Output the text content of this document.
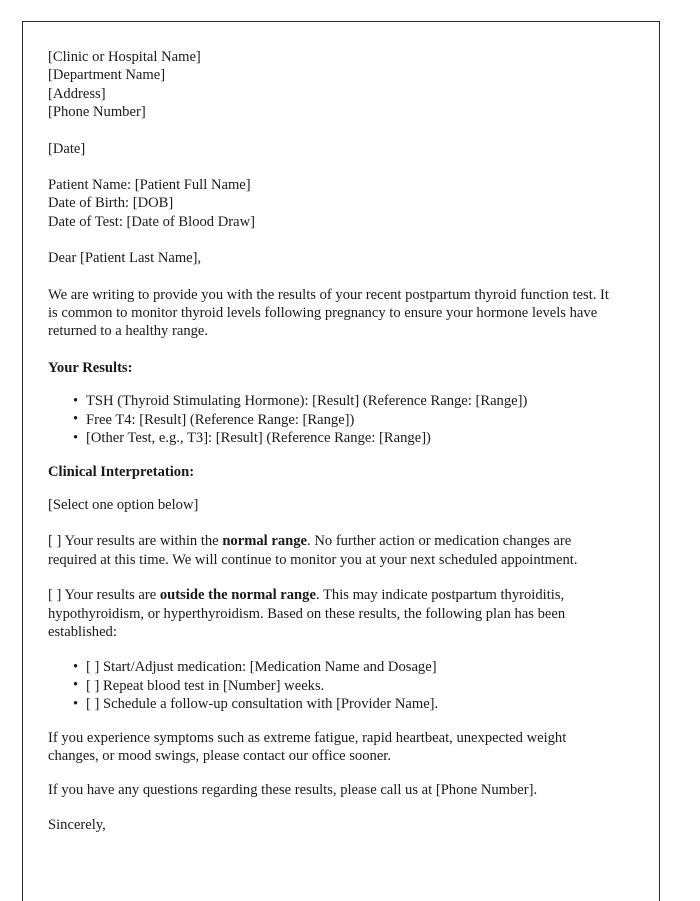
[Clinic or Hospital Name]

[Department Name]

[Address]

[Phone Number]

[Date]

Patient Name: [Patient Full Name]

Date of Birth: [DOB]

Date of Test: [Date of Blood Draw]

Dear [Patient Last Name],

We are writing to provide you with the results of your recent postpartum thyroid function test. It is common to monitor thyroid levels following pregnancy to ensure your hormone levels have returned to a healthy range.

Your Results:

• TSH (Thyroid Stimulating Hormone): [Result] (Reference Range: [Range])
• Free T4: [Result] (Reference Range: [Range])
• [Other Test, e.g., T3]: [Result] (Reference Range: [Range])

Clinical Interpretation:

[Select one option below]

[ ] Your results are within the normal range. No further action or medication changes are required at this time. We will continue to monitor you at your next scheduled appointment.

[ ] Your results are outside the normal range. This may indicate postpartum thyroiditis, hypothyroidism, or hyperthyroidism. Based on these results, the following plan has been established:

• [ ] Start/Adjust medication: [Medication Name and Dosage]
• [ ] Repeat blood test in [Number] weeks.
• [ ] Schedule a follow-up consultation with [Provider Name].

If you experience symptoms such as extreme fatigue, rapid heartbeat, unexpected weight changes, or mood swings, please contact our office sooner.

If you have any questions regarding these results, please call us at [Phone Number].

Sincerely,
